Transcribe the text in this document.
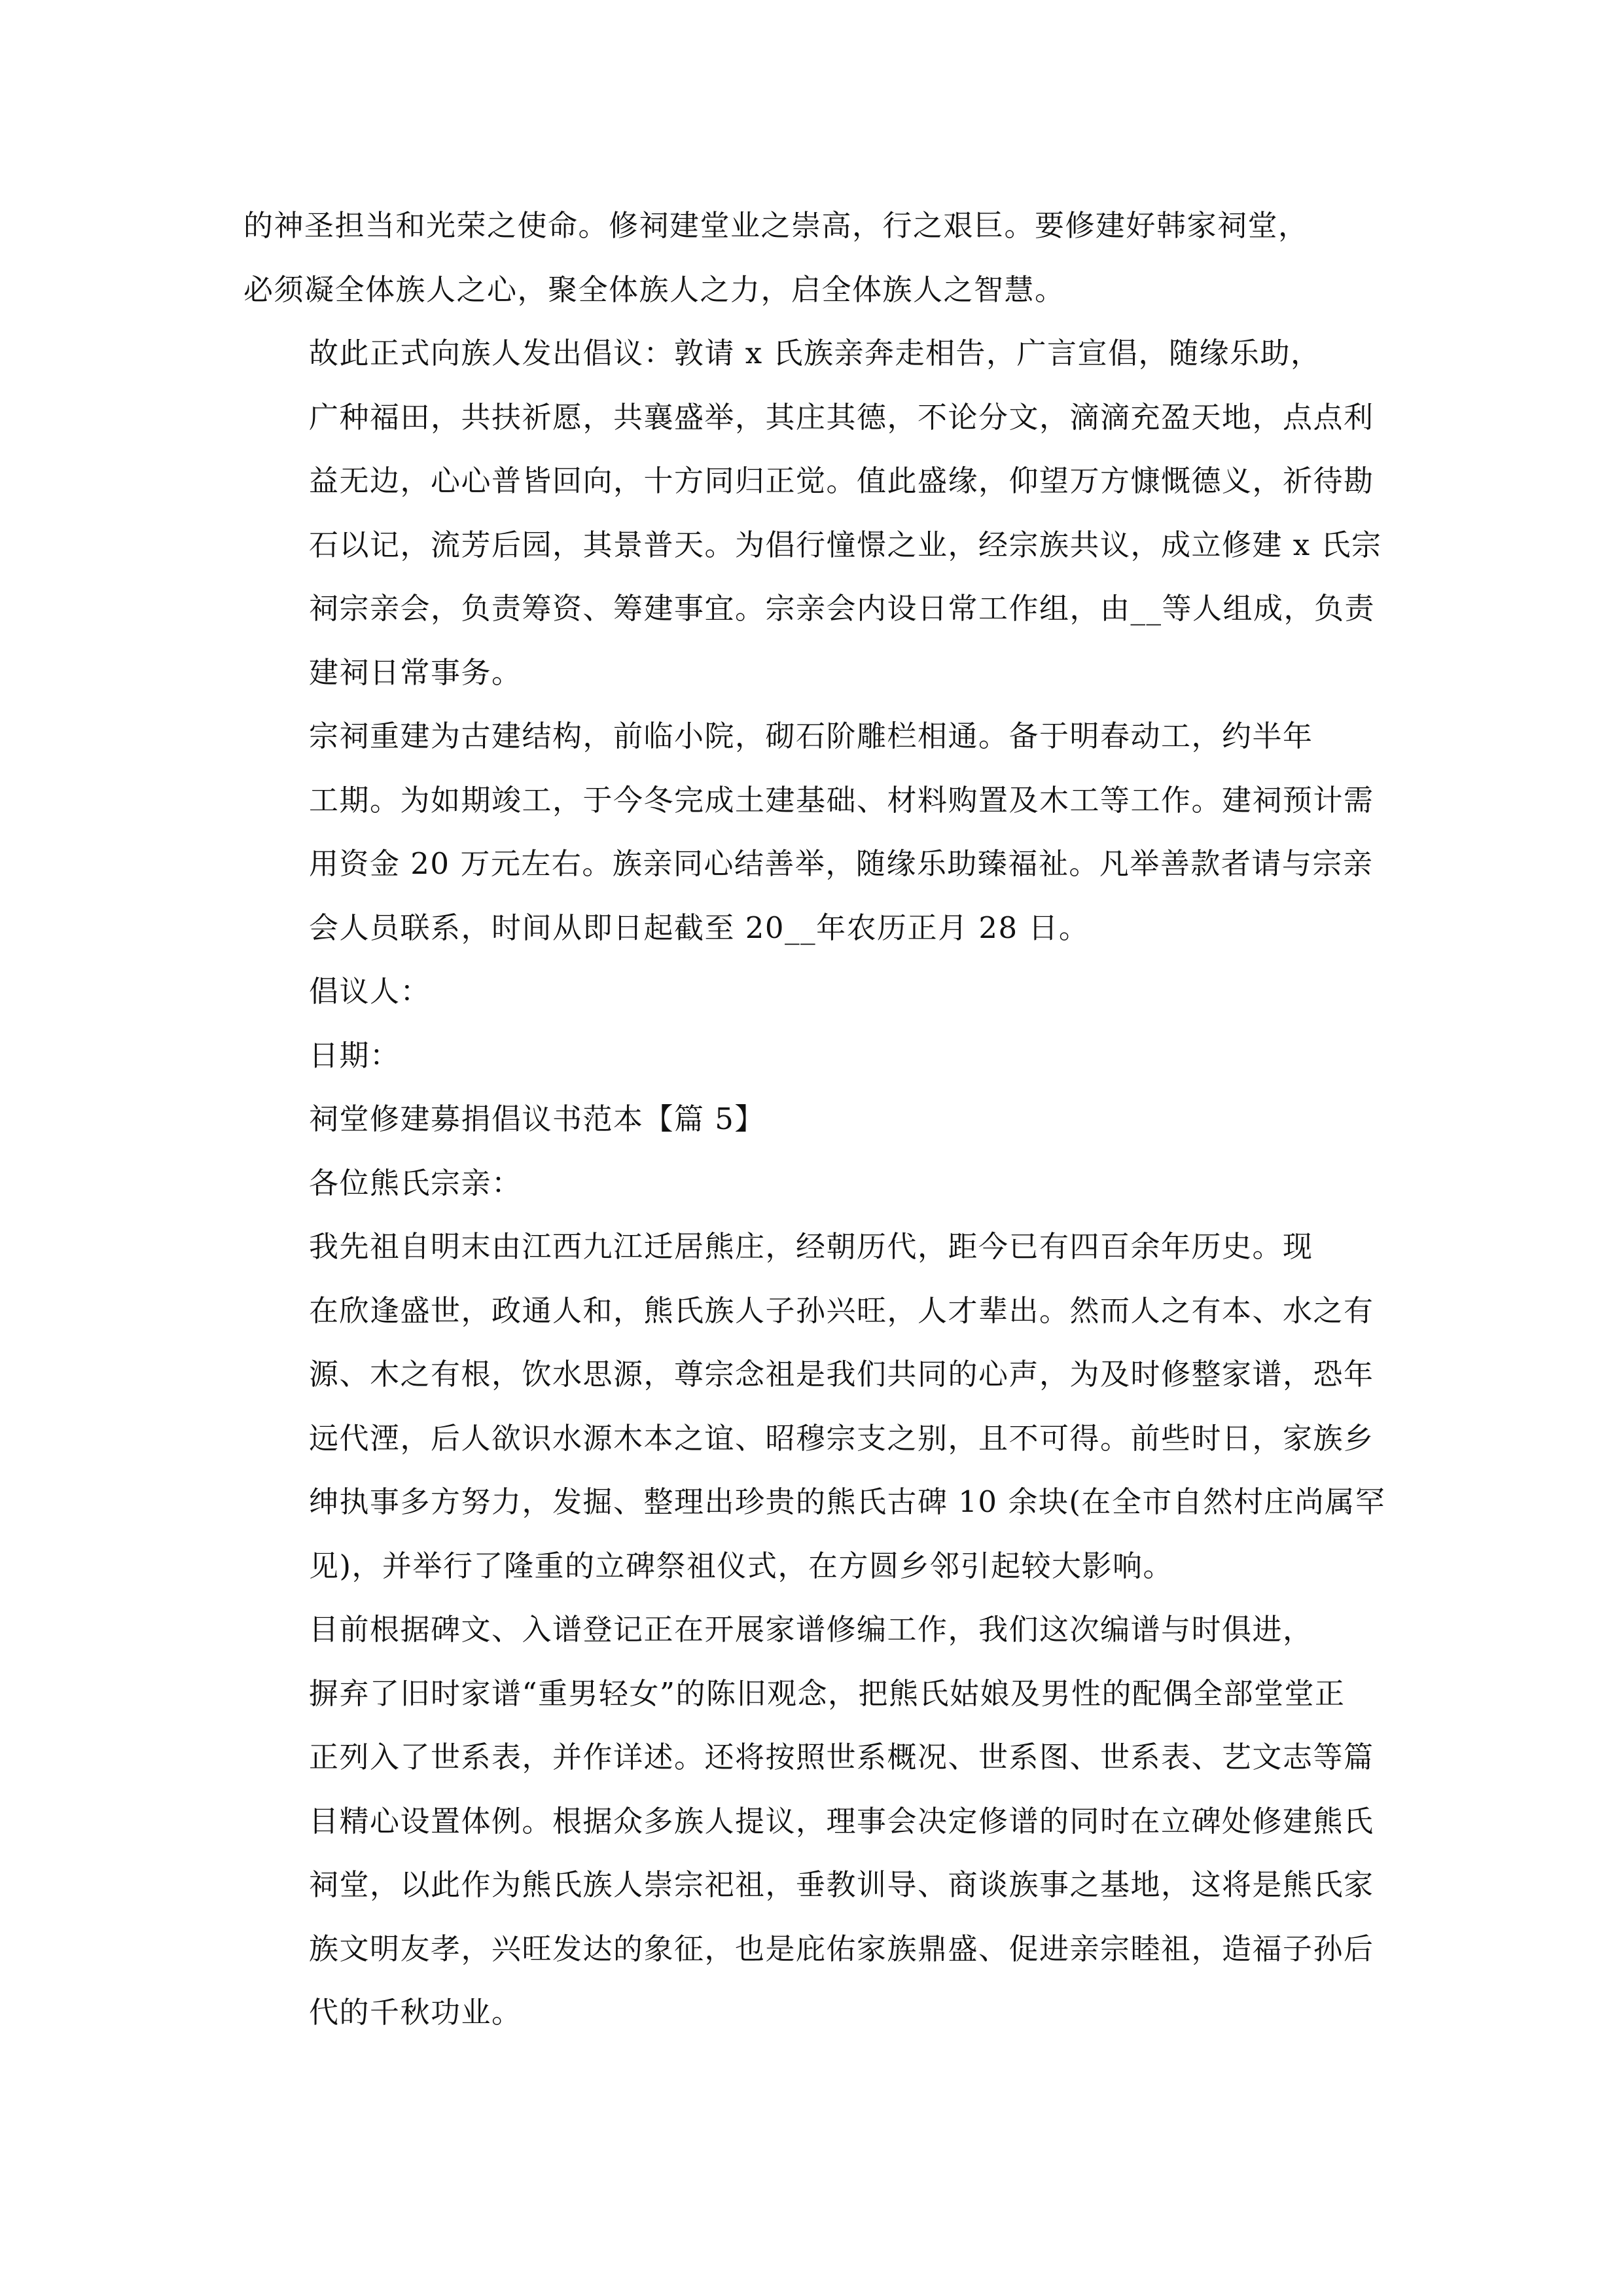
的神圣担当和光荣之使命。修祠建堂业之崇高，行之艰巨。要修建好韩家祠堂，
必须凝全体族人之心，聚全体族人之力，启全体族人之智慧。

故此正式向族人发出倡议：敦请 x 氏族亲奔走相告，广言宣倡，随缘乐助，
广种福田，共扶祈愿，共襄盛举，其庄其德，不论分文，滴滴充盈天地，点点利
益无边，心心普皆回向，十方同归正觉。值此盛缘，仰望万方慷慨德义，祈待勘
石以记，流芳后园，其景普天。为倡行憧憬之业，经宗族共议，成立修建 x 氏宗
祠宗亲会，负责筹资、筹建事宜。宗亲会内设日常工作组，由__等人组成，负责
建祠日常事务。

宗祠重建为古建结构，前临小院，砌石阶雕栏相通。备于明春动工，约半年
工期。为如期竣工，于今冬完成土建基础、材料购置及木工等工作。建祠预计需
用资金 20 万元左右。族亲同心结善举，随缘乐助臻福祉。凡举善款者请与宗亲
会人员联系，时间从即日起截至 20__年农历正月 28 日。

倡议人：

日期：

祠堂修建募捐倡议书范本【篇 5】

各位熊氏宗亲：

我先祖自明末由江西九江迁居熊庄，经朝历代，距今已有四百余年历史。现
在欣逢盛世，政通人和，熊氏族人子孙兴旺，人才辈出。然而人之有本、水之有
源、木之有根，饮水思源，尊宗念祖是我们共同的心声，为及时修整家谱，恐年
远代湮，后人欲识水源木本之谊、昭穆宗支之别，且不可得。前些时日，家族乡
绅执事多方努力，发掘、整理出珍贵的熊氏古碑 10 余块(在全市自然村庄尚属罕
见)，并举行了隆重的立碑祭祖仪式，在方圆乡邻引起较大影响。

目前根据碑文、入谱登记正在开展家谱修编工作，我们这次编谱与时俱进，
摒弃了旧时家谱“重男轻女”的陈旧观念，把熊氏姑娘及男性的配偶全部堂堂正
正列入了世系表，并作详述。还将按照世系概况、世系图、世系表、艺文志等篇
目精心设置体例。根据众多族人提议，理事会决定修谱的同时在立碑处修建熊氏
祠堂，以此作为熊氏族人崇宗祀祖，垂教训导、商谈族事之基地，这将是熊氏家
族文明友孝，兴旺发达的象征，也是庇佑家族鼎盛、促进亲宗睦祖，造福子孙后
代的千秋功业。
